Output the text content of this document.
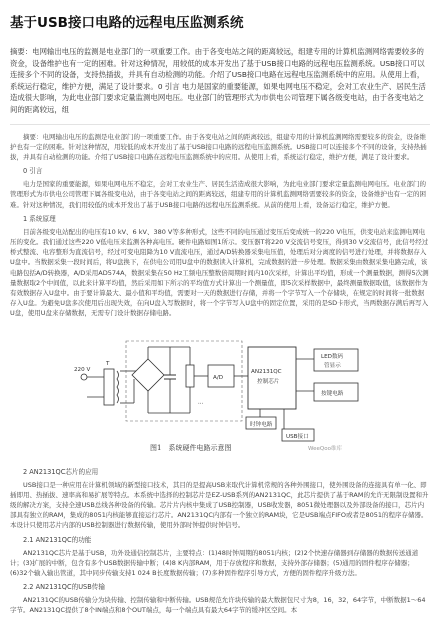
基于USB接口电路的远程电压监测系统
摘要：电网输出电压的监测是电业部门的一项重要工作。由于各变电站之间的距离较远，组建专用的计算机监测网络需要较多的资金，设备维护也有一定的困难。针对这种情况，用较低的成本开发出了基于USB接口电路的远程电压监测系统。USB接口可以连接多个不同的设备，支持热插拔，并具有自动检测的功能。介绍了USB接口电路在远程电压监测系统中的应用。从使用上看，系统运行稳定，维护方便，满足了设计要求。0 引言 电力是国家的重要能源，如果电网电压不稳定，会对工农业生产、居民生活造成很大影响，为此电业部门要求定量监测电网电压。电业部门的管理形式为市供电公司管理下属各级变电站，由于各变电站之间的距离较远，组
摘要：电网输出电压的监测是电业部门的一项重要工作。由于各变电站之间的距离较远，组建专用的计算机监测网络需要较多的资金，设备维护也有一定的困难。针对这种情况，用较低的成本开发出了基于USB接口电路的远程电压监测系统。USB接口可以连接多个不同的设备，支持热插拔，并具有自动检测的功能。介绍了USB接口电路在远程电压监测系统中的应用。从使用上看，系统运行稳定，维护方便，满足了设计要求。
0 引言
电力是国家的重要能源，如果电网电压不稳定，会对工农业生产、居民生活造成很大影响，为此电业部门要求定量监测电网电压。电业部门的管理形式为市供电公司管理下属各级变电站，由于各变电站之间的距离较远，组建专用的计算机监测网络需要较多的资金，设备维护也有一定的困难。针对这种情况，我们用较低的成本开发出了基于USB接口电路的远程电压监测系统。从前的使用上看，设备运行稳定，维护方便。
1 系统原理
目前各级变电站配出的电压有10 kV、6 kV、380 V等多种形式，这些不同的电压通过变压后变成统一的220 V电压，供变电站来监测电网电压的变化。我们通过这些220 V低电压来监测各种高电压。硬件电路如图1所示。变压器T将220 V交流信号变压，得到30 V交流信号，此信号经过桥式整流、电容整形为直流信号，经过可变电阻降为10 V直流电压，通过A/D转换器采集电压值，处理后对分离度的信号进行处理，并将数据存入U盘中。当数据采集一段时间后，将U盘换下，在供电公司用U盘中的数据读入计算机，完成数据的进一步处理。数据采集由数据采集电路完成，该电路包括A/D转换器，A/D采用AD574A，数据采集在50 Hz工频电压整数倍周期时间内10次采样，计算出平均值，形成一个测量数据，测得5次测量数据取2个中间值，以此来计算平均值，然后采用如下所示的平均值方式计算出一个测量值，即5次采样数据中，最终测量数据取值，该数据作为有效数据存入U盘中。由于要计算最大、最小值和平均值，需要对一天的数据进行存储，并将一个字节写入一个存储块，在规定的时间将一批数据存入U盘。为避免U盘多次使用后出现失效，在向U盘入写数据时，将一个字节写入U盘中的固定位置，采用的是SD卡形式，当两数据存满后再写入U盘，使用U盘来存储数据，无需专门设计数据存储电路。
220 V
T
A/D
AN2131QC
控制芯片
LED数码
管显示
按键电路
时钟电路
USB接口
⋯
图1　系统硬件电路示意图	WeeQoo维库
2 AN2131QC芯片的应用
USB接口是一种应用在计算机领域的新型接口技术，其目的是提高USB来取代计算机常规的各种外围接口，使外围设备的连接具有单一化、即插即用、热插拔、速率高和易扩展等特点。本系统中选择的控制芯片是EZ-USB系列的AN2131QC，此芯片提供了基于RAM的允许无限制设置和升级的解决方案，支持全速USB总线各种设备的传输。芯片片内核中集成了USB控制器，USB收发器，8051微处理器以及外部设备的接口，芯片内部具有独立的RAM，集成的8051内核能够直接运行芯片。AN2131QC内部有一个独立的RAM块，它是USB端点FIFO或者是8051的程序存储器。本设计只使用芯片内部的USB控制器进行数据传输，使用外部时钟提供时钟信号。
2.1 AN2131QC的功能
AN2131QC芯片是基于USB，功外设通信控制芯片，主要特点：(1)48时钟周期的8051内核；(2)2个快速存储器到存储器的数据传送通道计；(3)扩展的中断，包含有多个USB数据传输中断；(4)8 K内部RAM，用于存放程序和数据，支持外部存储器；(5)通用的固件程序存储器；(6)32个输入输出管道，其中同步传输支持1 024 B长度数据传输；(7)多种固件程序引导方式，方便的固件程序升级方法。
2.2 AN2131QC的USB传输
AN2131QC的USB传输分为块传输、控制传输和中断传输。USB规范允许块传输的最大数据包尺寸为8，16，32，64字节，中断数据1～64字节。AN2131QC提供了8个IN端点和8个OUT端点，每一个端点具有最大64字节的缓冲区空间。本
